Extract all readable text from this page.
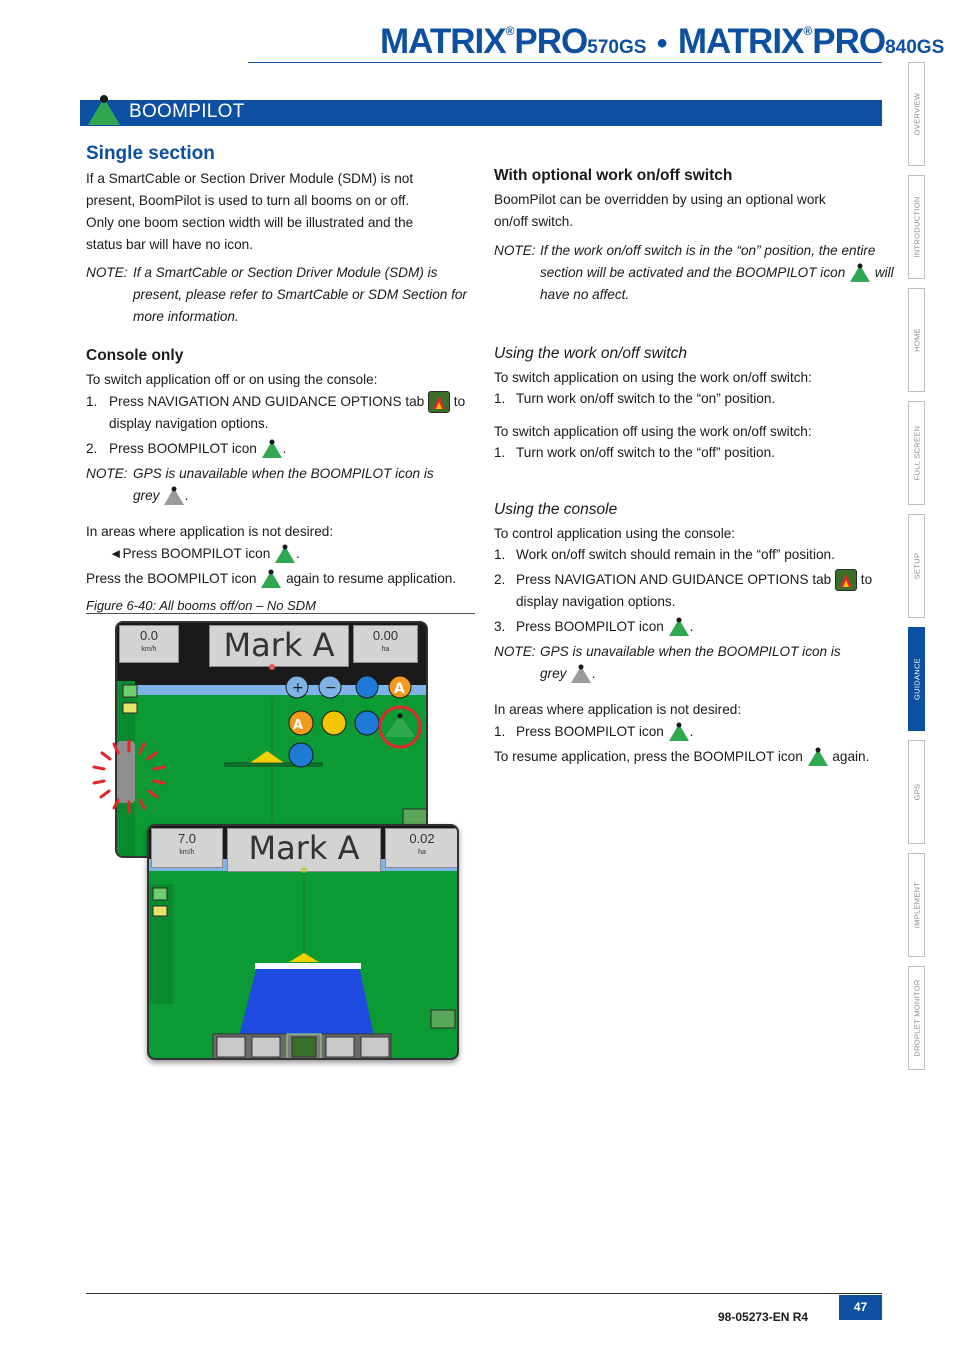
MATRIX®PRO570GS • MATRIX®PRO840GS
BOOMPILOT	OVERVIEW
INTRODUCTION
HOME
FULL SCREEN
SETUP
GUIDANCE
GPS
IMPLEMENT
DROPLET MONITOR
Single section
If a SmartCable or Section Driver Module (SDM) is not
present, BoomPilot is used to turn all booms on or off.
Only one boom section width will be illustrated and the
status bar will have no icon.
NOTE: If a SmartCable or Section Driver Module (SDM) is
present, please refer to SmartCable or SDM Section for
more information.
Console only
To switch application off or on using the console:
1. Press NAVIGATION AND GUIDANCE OPTIONS tab to
display navigation options.
2. Press BOOMPILOT icon .
NOTE: GPS is unavailable when the BOOMPILOT icon is
grey .
In areas where application is not desired:
◄Press BOOMPILOT icon .
Press the BOOMPILOT icon again to resume application.
Figure 6-40: All booms off/on – No SDM
0.0
km/h	Mark A	0.00
ha
+ −	A
A
7.0
km/h	Mark A	0.02
ha
With optional work on/off switch
BoomPilot can be overridden by using an optional work
on/off switch.
NOTE: If the work on/off switch is in the “on” position, the entire
section will be activated and the BOOMPILOT icon will
have no affect.
Using the work on/off switch
To switch application on using the work on/off switch:
1. Turn work on/off switch to the “on” position.
To switch application off using the work on/off switch:
1. Turn work on/off switch to the “off” position.
Using the console
To control application using the console:
1. Work on/off switch should remain in the “off” position.
2. Press NAVIGATION AND GUIDANCE OPTIONS tab to
display navigation options.
3. Press BOOMPILOT icon .
NOTE: GPS is unavailable when the BOOMPILOT icon is
grey .
In areas where application is not desired:
1. Press BOOMPILOT icon .
To resume application, press the BOOMPILOT icon again.
98-05273-EN R4
47
